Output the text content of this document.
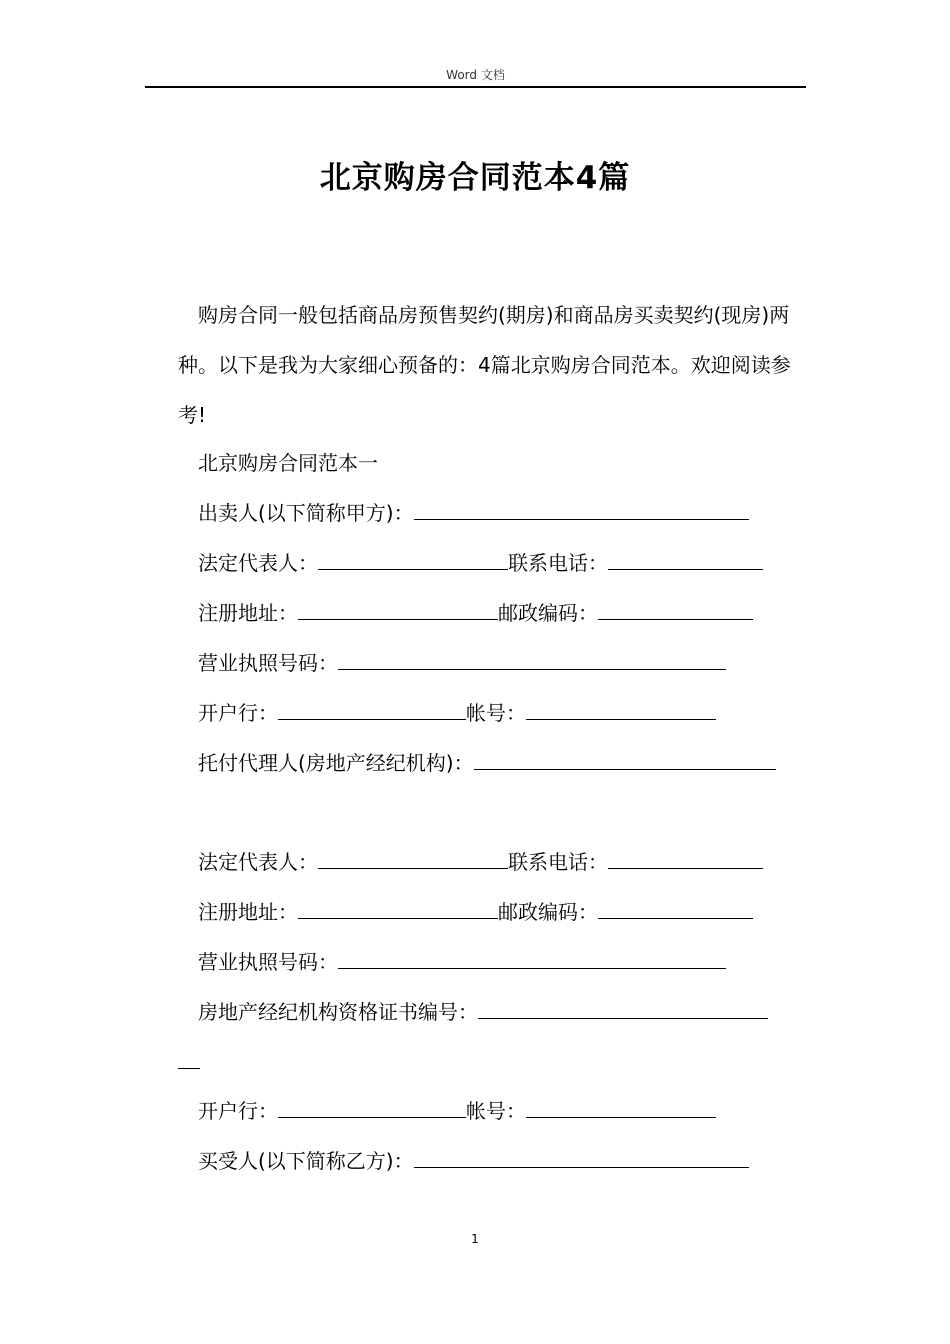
Word 文档
北京购房合同范本4篇

购房合同一般包括商品房预售契约(期房)和商品房买卖契约(现房)两种。以下是我为大家细心预备的：4篇北京购房合同范本。欢迎阅读参考!

北京购房合同范本一
出卖人(以下简称甲方)：
法定代表人：	联系电话：
注册地址：	邮政编码：
营业执照号码：
开户行：	帐号：
托付代理人(房地产经纪机构)：
法定代表人：	联系电话：
注册地址：	邮政编码：
营业执照号码：
房地产经纪机构资格证书编号：
开户行：	帐号：
买受人(以下简称乙方)：
1
